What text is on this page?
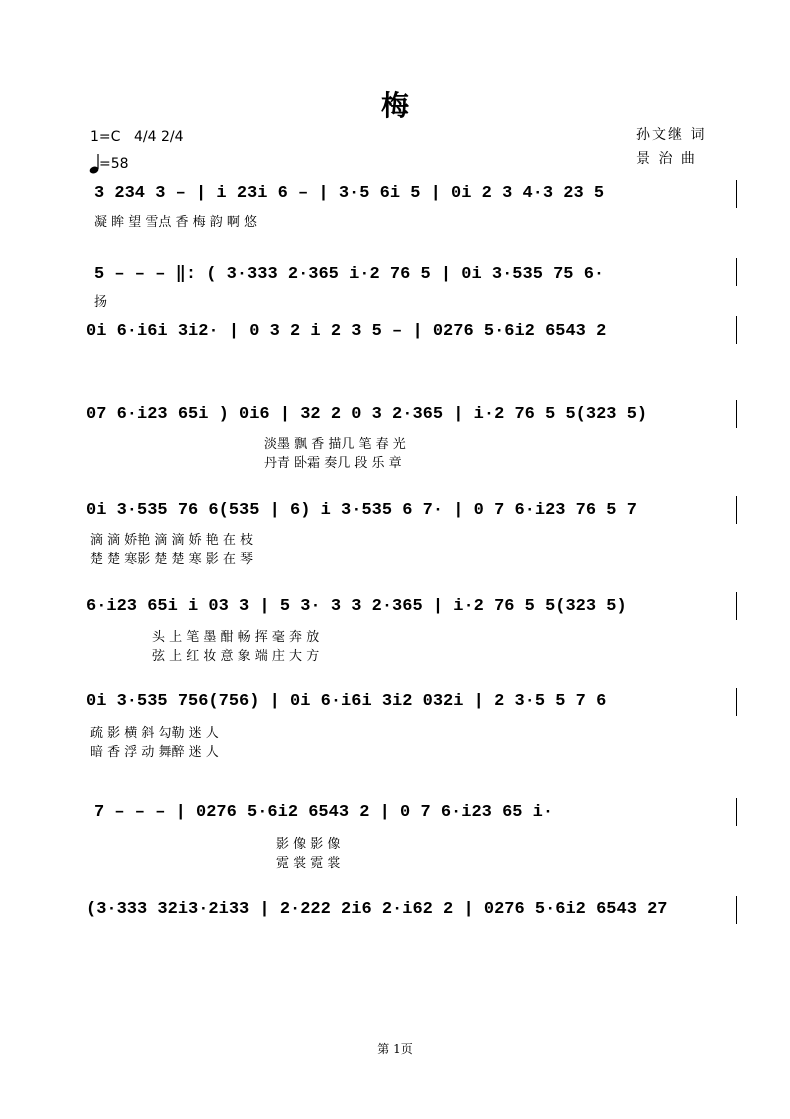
梅
1=C 4/4 2/4
=58
孙文继 词
景 治 曲
3 234 3 – | i 23i 6 – | 3·5 6i 5 | 0i 2 3 4·3 23 5
凝 眸 望 雪点 香 梅 韵 啊 悠
5 – – – ‖: ( 3·333 2·365 i·2 76 5 | 0i 3·535 75 6·
扬
0i 6·i6i 3i2· | 0 3 2 i 2 3 5 – | 0276 5·6i2 6543 2
07 6·i23 65i ) 0i6 | 32 2 0 3 2·365 | i·2 76 5 5(323 5)
淡墨 飘 香 描几 笔 春 光
丹青 卧霜 奏几 段 乐 章
0i 3·535 76 6(535 | 6) i 3·535 6 7· | 0 7 6·i23 76 5 7
滴 滴 娇艳 滴 滴 娇 艳 在 枝
楚 楚 寒影 楚 楚 寒 影 在 琴
6·i23 65i i 03 3 | 5 3· 3 3 2·365 | i·2 76 5 5(323 5)
头 上 笔 墨 酣 畅 挥 毫 奔 放
弦 上 红 妆 意 象 端 庄 大 方
0i 3·535 756(756) | 0i 6·i6i 3i2 032i | 2 3·5 5 7 6
疏 影 横 斜 勾勒 迷 人
暗 香 浮 动 舞醉 迷 人
7 – – – | 0276 5·6i2 6543 2 | 0 7 6·i23 65 i·
影 像 影 像
霓 裳 霓 裳
(3·333 32i3·2i33 | 2·222 2i6 2·i62 2 | 0276 5·6i2 6543 27
第 1页
